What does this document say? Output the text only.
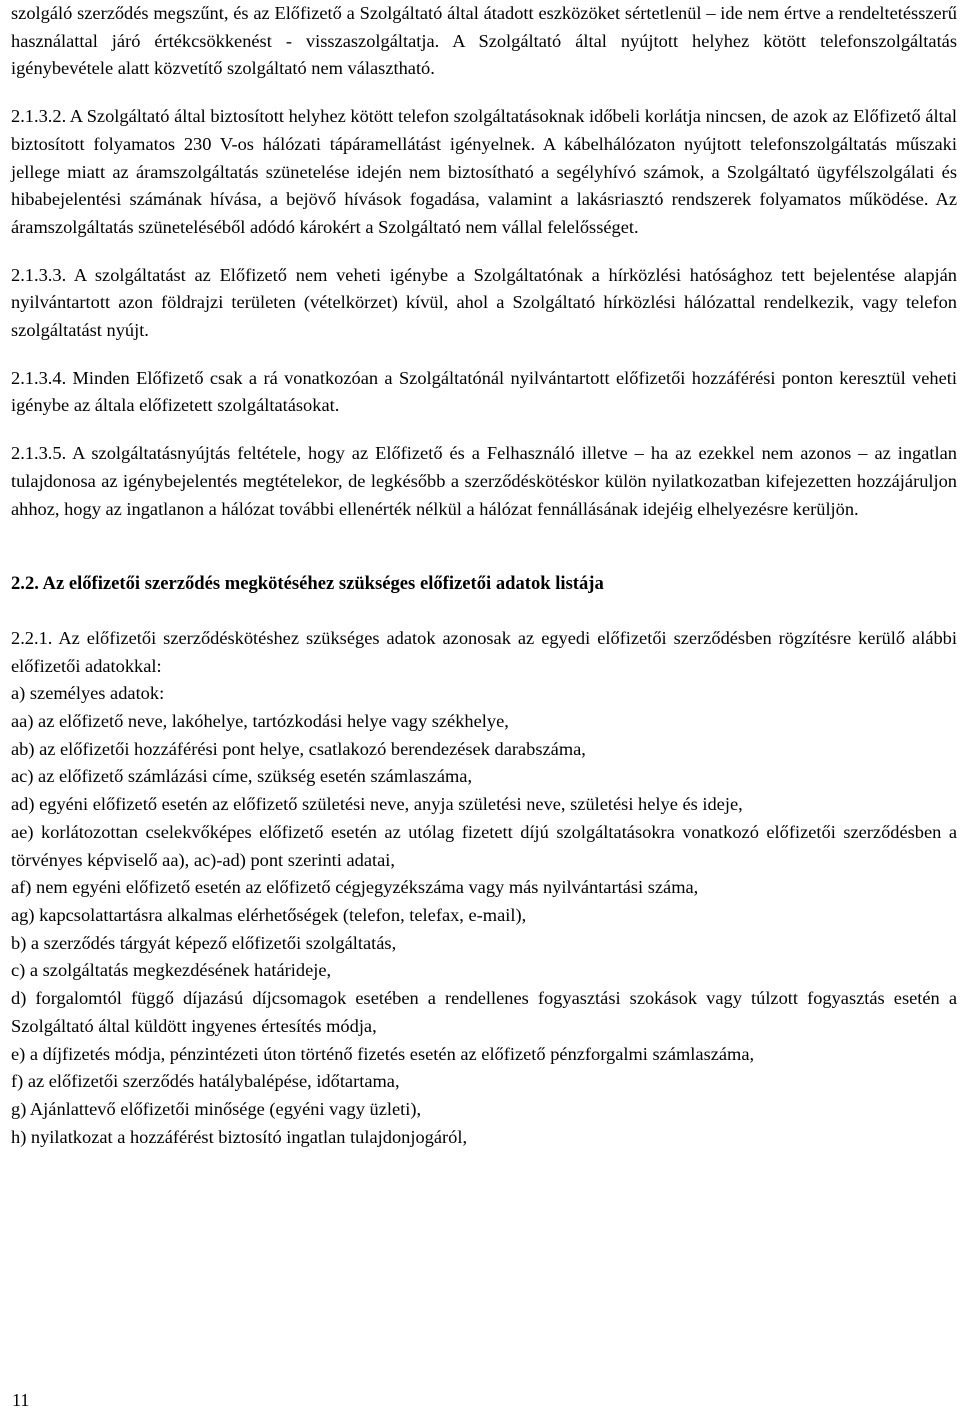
szolgáló szerződés megszűnt, és az Előfizető a Szolgáltató által átadott eszközöket sértetlenül – ide nem értve a rendeltetésszerű használattal járó értékcsökkenést - visszaszolgáltatja. A Szolgáltató által nyújtott helyhez kötött telefonszolgáltatás igénybevétele alatt közvetítő szolgáltató nem választható.

2.1.3.2. A Szolgáltató által biztosított helyhez kötött telefon szolgáltatásoknak időbeli korlátja nincsen, de azok az Előfizető által biztosított folyamatos 230 V-os hálózati tápáramellátást igényelnek. A kábelhálózaton nyújtott telefonszolgáltatás műszaki jellege miatt az áramszolgáltatás szünetelése idején nem biztosítható a segélyhívó számok, a Szolgáltató ügyfélszolgálati és hibabejelentési számának hívása, a bejövő hívások fogadása, valamint a lakásriasztó rendszerek folyamatos működése. Az áramszolgáltatás szüneteléséből adódó károkért a Szolgáltató nem vállal felelősséget.

2.1.3.3. A szolgáltatást az Előfizető nem veheti igénybe a Szolgáltatónak a hírközlési hatósághoz tett bejelentése alapján nyilvántartott azon földrajzi területen (vételkörzet) kívül, ahol a Szolgáltató hírközlési hálózattal rendelkezik, vagy telefon szolgáltatást nyújt.

2.1.3.4. Minden Előfizető csak a rá vonatkozóan a Szolgáltatónál nyilvántartott előfizetői hozzáférési ponton keresztül veheti igénybe az általa előfizetett szolgáltatásokat.

2.1.3.5. A szolgáltatásnyújtás feltétele, hogy az Előfizető és a Felhasználó illetve – ha az ezekkel nem azonos – az ingatlan tulajdonosa az igénybejelentés megtételekor, de legkésőbb a szerződéskötéskor külön nyilatkozatban kifejezetten hozzájáruljon ahhoz, hogy az ingatlanon a hálózat további ellenérték nélkül a hálózat fennállásának idejéig elhelyezésre kerüljön.

2.2. Az előfizetői szerződés megkötéséhez szükséges előfizetői adatok listája

2.2.1. Az előfizetői szerződéskötéshez szükséges adatok azonosak az egyedi előfizetői szerződésben rögzítésre kerülő alábbi előfizetői adatokkal:

a) személyes adatok:

aa) az előfizető neve, lakóhelye, tartózkodási helye vagy székhelye,

ab) az előfizetői hozzáférési pont helye, csatlakozó berendezések darabszáma,

ac) az előfizető számlázási címe, szükség esetén számlaszáma,

ad) egyéni előfizető esetén az előfizető születési neve, anyja születési neve, születési helye és ideje,

ae) korlátozottan cselekvőképes előfizető esetén az utólag fizetett díjú szolgáltatásokra vonatkozó előfizetői szerződésben a törvényes képviselő aa), ac)-ad) pont szerinti adatai,

af) nem egyéni előfizető esetén az előfizető cégjegyzékszáma vagy más nyilvántartási száma,

ag) kapcsolattartásra alkalmas elérhetőségek (telefon, telefax, e-mail),

b) a szerződés tárgyát képező előfizetői szolgáltatás,

c) a szolgáltatás megkezdésének határideje,

d) forgalomtól függő díjazású díjcsomagok esetében a rendellenes fogyasztási szokások vagy túlzott fogyasztás esetén a Szolgáltató által küldött ingyenes értesítés módja,

e) a díjfizetés módja, pénzintézeti úton történő fizetés esetén az előfizető pénzforgalmi számlaszáma,

f) az előfizetői szerződés hatálybalépése, időtartama,

g) Ajánlattevő előfizetői minősége (egyéni vagy üzleti),

h) nyilatkozat a hozzáférést biztosító ingatlan tulajdonjogáról,

11
